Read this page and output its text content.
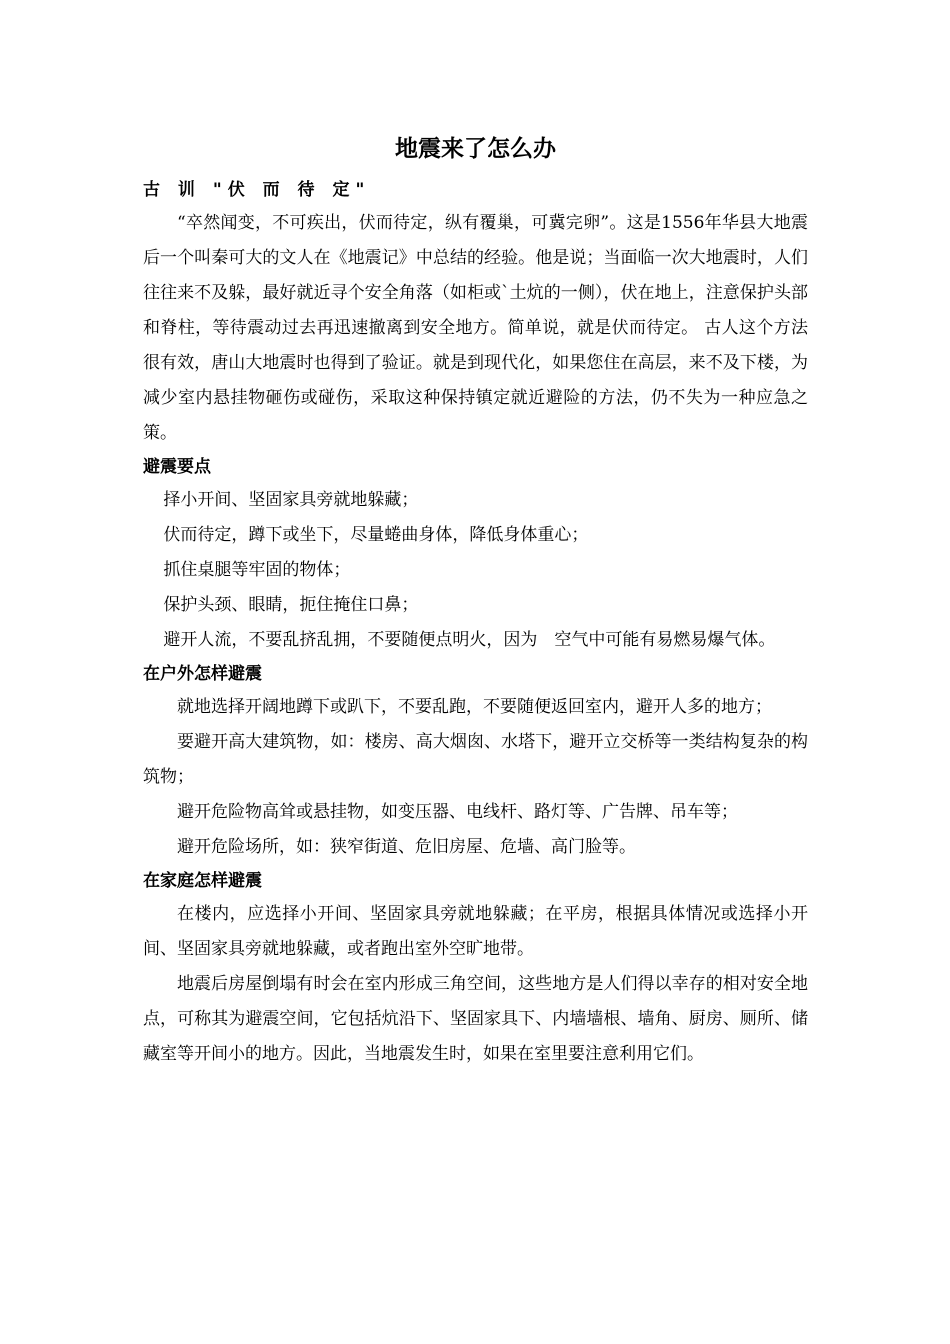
地震来了怎么办
古 训 "伏 而 待 定"

“卒然闻变，不可疾出，伏而待定，纵有覆巢，可冀完卵”。这是1556年华县大地震后一个叫秦可大的文人在《地震记》中总结的经验。他是说；当面临一次大地震时，人们往往来不及躲，最好就近寻个安全角落（如柜或`土炕的一侧），伏在地上，注意保护头部和脊柱，等待震动过去再迅速撤离到安全地方。简单说，就是伏而待定。 古人这个方法很有效，唐山大地震时也得到了验证。就是到现代化，如果您住在高层，来不及下楼，为减少室内悬挂物砸伤或碰伤，采取这种保持镇定就近避险的方法，仍不失为一种应急之策。

避震要点

择小开间、坚固家具旁就地躲藏；

伏而待定，蹲下或坐下，尽量蜷曲身体，降低身体重心；

抓住桌腿等牢固的物体；

保护头颈、眼睛，扼住掩住口鼻；

避开人流，不要乱挤乱拥，不要随便点明火，因为　空气中可能有易燃易爆气体。

在户外怎样避震

就地选择开阔地蹲下或趴下，不要乱跑，不要随便返回室内，避开人多的地方；

要避开高大建筑物，如：楼房、高大烟囱、水塔下，避开立交桥等一类结构复杂的构筑物；

避开危险物高耸或悬挂物，如变压器、电线杆、路灯等、广告牌、吊车等；

避开危险场所，如：狭窄街道、危旧房屋、危墙、高门脸等。

在家庭怎样避震

在楼内，应选择小开间、坚固家具旁就地躲藏；在平房，根据具体情况或选择小开间、坚固家具旁就地躲藏，或者跑出室外空旷地带。

地震后房屋倒塌有时会在室内形成三角空间，这些地方是人们得以幸存的相对安全地点，可称其为避震空间，它包括炕沿下、坚固家具下、内墙墙根、墙角、厨房、厕所、储藏室等开间小的地方。因此，当地震发生时，如果在室里要注意利用它们。
